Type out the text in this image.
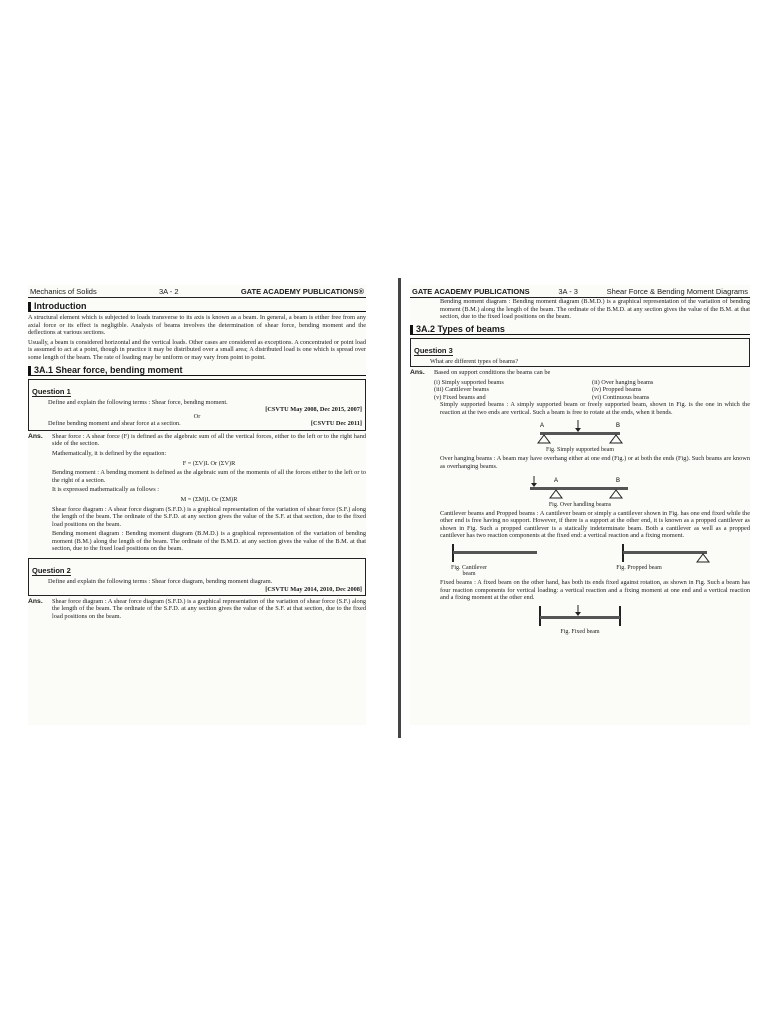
Mechanics of Solids	3A - 2	GATE ACADEMY PUBLICATIONS®
Introduction

A structural element which is subjected to loads transverse to its axis is known as a beam. In general, a beam is either free from any axial force or its effect is negligible. Analysis of beams involves the determination of shear force, bending moment and the deflections at various sections.

Usually, a beam is considered horizontal and the vertical loads. Other cases are considered as exceptions. A concentrated or point load is assumed to act at a point, though in practice it may be distributed over a small area; A distributed load is one which is spread over some length of the beam. The rate of loading may be uniform or may vary from point to point.

3A.1 Shear force, bending moment
Question 1
Define and explain the following terms : Shear force, bending moment.
[CSVTU May 2008, Dec 2015, 2007]
Or
Define bending moment and shear force at a section.	[CSVTU Dec 2011]
Ans.	Shear force : A shear force (F) is defined as the algebraic sum of all the vertical forces, either to the left or to the right hand side of the section.

Mathematically, it is defined by the equation:

F = (ΣV)L Or (ΣV)R

Bending moment : A bending moment is defined as the algebraic sum of the moments of all the forces either to the left or to the right of a section.

It is expressed mathematically as follows :

M = (ΣM)L Or (ΣM)R

Shear force diagram : A shear force diagram (S.F.D.) is a graphical representation of the variation of shear force (S.F.) along the length of the beam. The ordinate of the S.F.D. at any section gives the value of the S.F. at that section, due to the fixed load positions on the beam.

Bending moment diagram : Bending moment diagram (B.M.D.) is a graphical representation of the variation of bending moment (B.M.) along the length of the beam. The ordinate of the B.M.D. at any section gives the value of the B.M. at that section, due to the fixed load positions on the beam.

Question 2
Define and explain the following terms : Shear force diagram, bending moment diagram.
[CSVTU May 2014, 2010, Dec 2008]
Ans.	Shear force diagram : A shear force diagram (S.F.D.) is a graphical representation of the variation of shear force (S.F.) along the length of the beam. The ordinate of the S.F.D. at any section gives the value of the S.F. at that section, due to the fixed load positions on the beam.

GATE ACADEMY PUBLICATIONS	3A - 3	Shear Force & Bending Moment Diagrams

Bending moment diagram : Bending moment diagram (B.M.D.) is a graphical representation of the variation of bending moment (B.M.) along the length of the beam. The ordinate of the B.M.D. at any section gives the value of the B.M. at that section, due to the fixed load positions on the beam.

3A.2 Types of beams
Question 3
What are different types of beams?
Ans.	Based on support conditions the beams can be

(i) Simply supported beams	(ii) Over hanging beams
(iii) Cantilever beams	(iv) Propped beams
(v) Fixed beams and	(vi) Continuous beams

Simply supported beams : A simply supported beam or freely supported beam, shown in Fig. is the one in which the reaction at the two ends are vertical. Such a beam is free to rotate at the ends, when it bends.

A	B
Fig. Simply supported beam

Over hanging beams : A beam may have overhang either at one end (Fig.) or at both the ends (Fig). Such beams are known as overhanging beams.

A	B
Fig. Over handling beams

Cantilever beams and Propped beams : A cantilever beam or simply a cantilever shown in Fig. has one end fixed while the other end is free having no support. However, if there is a support at the other end, it is known as a propped cantilever as shown in Fig. Such a propped cantilever is a statically indeterminate beam. Both a cantilever as well as a propped cantilever has two reaction components at the fixed end: a vertical reaction and a fixing moment.

Fig. Cantilever beam
Fig. Propped beam

Fixed beams : A fixed beam on the other hand, has both its ends fixed against rotation, as shown in Fig. Such a beam has four reaction components for vertical loading: a vertical reaction and a fixing moment at one end and a vertical reaction and a fixing moment at the other end.

Fig. Fixed beam
